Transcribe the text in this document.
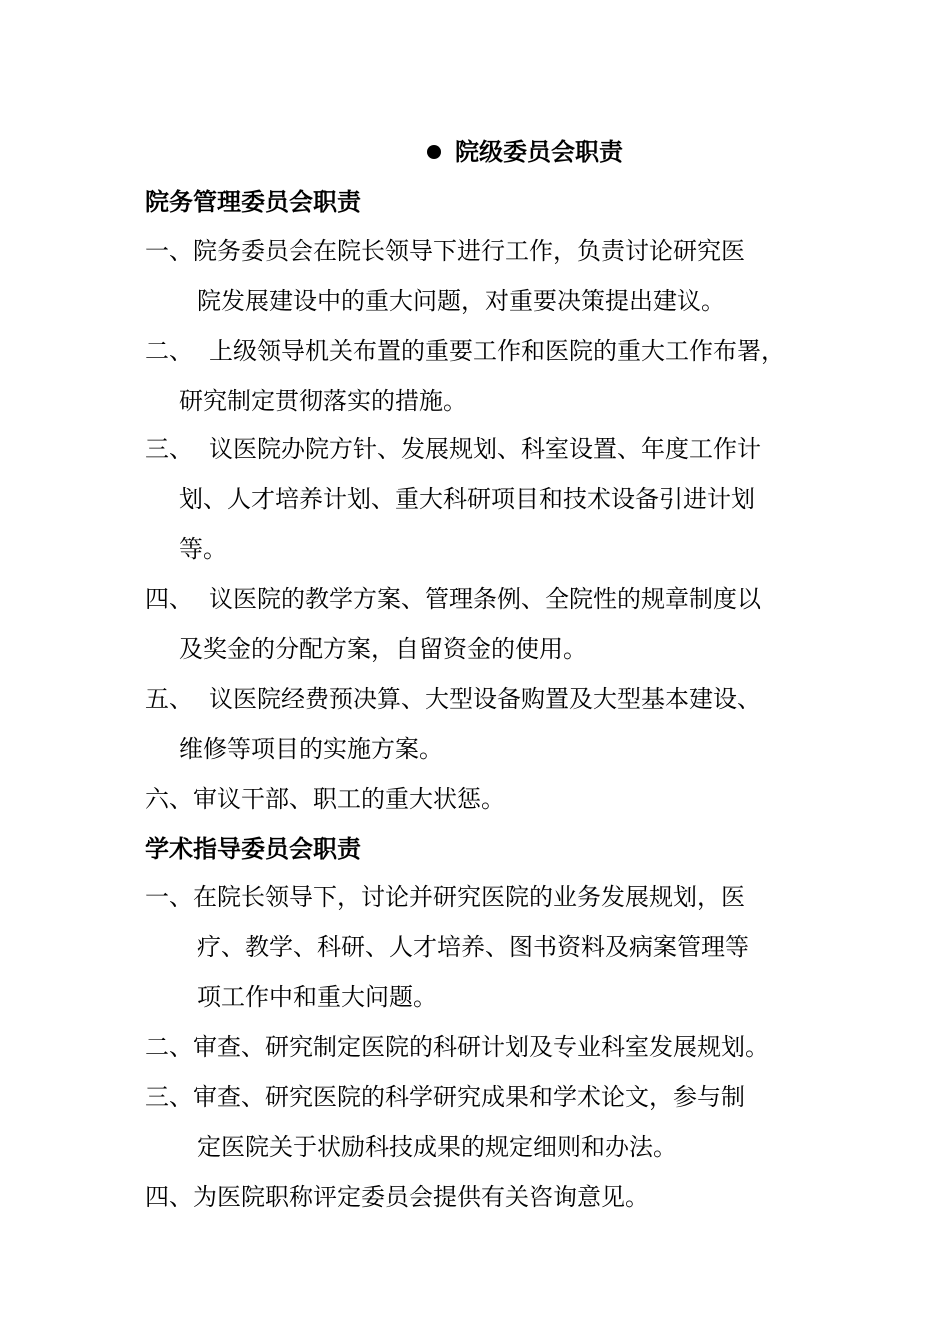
院级委员会职责
院务管理委员会职责
一、院务委员会在院长领导下进行工作，负责讨论研究医
院发展建设中的重大问题，对重要决策提出建议。
二、 上级领导机关布置的重要工作和医院的重大工作布署，
研究制定贯彻落实的措施。
三、 议医院办院方针、发展规划、科室设置、年度工作计
划、人才培养计划、重大科研项目和技术设备引进计划
等。
四、 议医院的教学方案、管理条例、全院性的规章制度以
及奖金的分配方案，自留资金的使用。
五、 议医院经费预决算、大型设备购置及大型基本建设、
维修等项目的实施方案。
六、审议干部、职工的重大状惩。
学术指导委员会职责
一、在院长领导下，讨论并研究医院的业务发展规划，医
疗、教学、科研、人才培养、图书资料及病案管理等
项工作中和重大问题。
二、审查、研究制定医院的科研计划及专业科室发展规划。
三、审查、研究医院的科学研究成果和学术论文，参与制
定医院关于状励科技成果的规定细则和办法。
四、为医院职称评定委员会提供有关咨询意见。
